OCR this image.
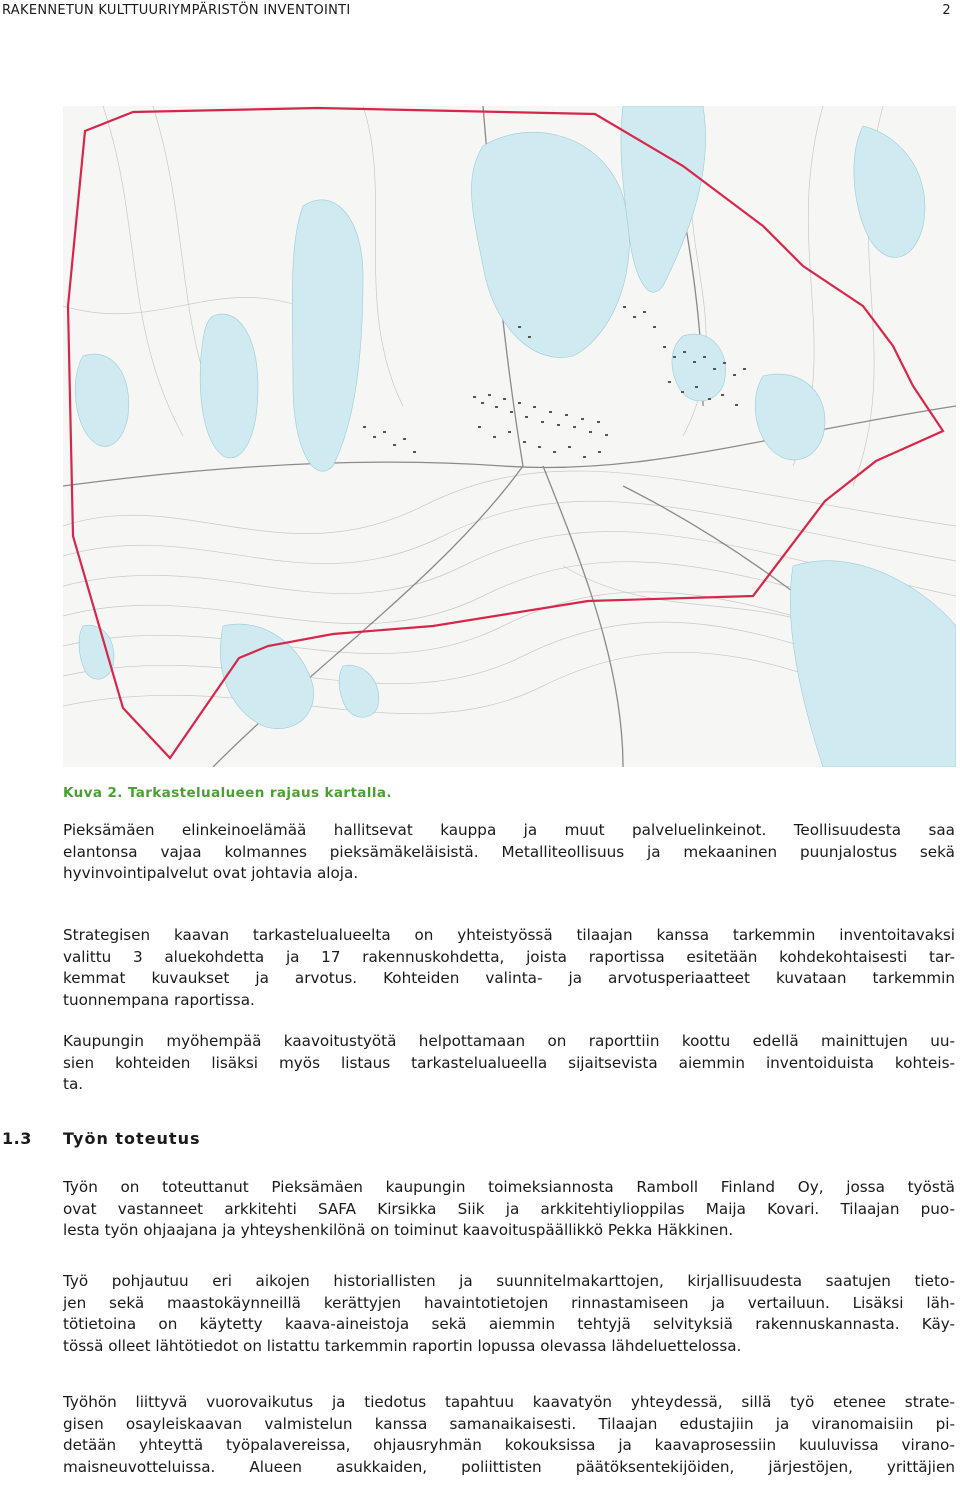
RAKENNETUN KULTTUURIYMPÄRISTÖN INVENTOINTI	2
Kuva 2. Tarkastelualueen rajaus kartalla.
Pieksämäen elinkeinoelämää hallitsevat kauppa ja muut palveluelinkeinot. Teollisuudesta saa
elantonsa vajaa kolmannes pieksämäkeläisistä. Metalliteollisuus ja mekaaninen puunjalostus sekä
hyvinvointipalvelut ovat johtavia aloja.
Strategisen kaavan tarkastelualueelta on yhteistyössä tilaajan kanssa tarkemmin inventoitavaksi
valittu 3 aluekohdetta ja 17 rakennuskohdetta, joista raportissa esitetään kohdekohtaisesti tar-
kemmat kuvaukset ja arvotus. Kohteiden valinta- ja arvotusperiaatteet kuvataan tarkemmin
tuonnempana raportissa.
Kaupungin myöhempää kaavoitustyötä helpottamaan on raporttiin koottu edellä mainittujen uu-
sien kohteiden lisäksi myös listaus tarkastelualueella sijaitsevista aiemmin inventoiduista kohteis-
ta.
1.3 Työn toteutus
Työn on toteuttanut Pieksämäen kaupungin toimeksiannosta Ramboll Finland Oy, jossa työstä
ovat vastanneet arkkitehti SAFA Kirsikka Siik ja arkkitehtiylioppilas Maija Kovari. Tilaajan puo-
lesta työn ohjaajana ja yhteyshenkilönä on toiminut kaavoituspäällikkö Pekka Häkkinen.
Työ pohjautuu eri aikojen historiallisten ja suunnitelmakarttojen, kirjallisuudesta saatujen tieto-
jen sekä maastokäynneillä kerättyjen havaintotietojen rinnastamiseen ja vertailuun. Lisäksi läh-
tötietoina on käytetty kaava-aineistoja sekä aiemmin tehtyjä selvityksiä rakennuskannasta. Käy-
tössä olleet lähtötiedot on listattu tarkemmin raportin lopussa olevassa lähdeluettelossa.
Työhön liittyvä vuorovaikutus ja tiedotus tapahtuu kaavatyön yhteydessä, sillä työ etenee strate-
gisen osayleiskaavan valmistelun kanssa samanaikaisesti. Tilaajan edustajiin ja viranomaisiin pi-
detään yhteyttä työpalavereissa, ohjausryhmän kokouksissa ja kaavaprosessiin kuuluvissa virano-
maisneuvotteluissa. Alueen asukkaiden, poliittisten päätöksentekijöiden, järjestöjen, yrittäjien
